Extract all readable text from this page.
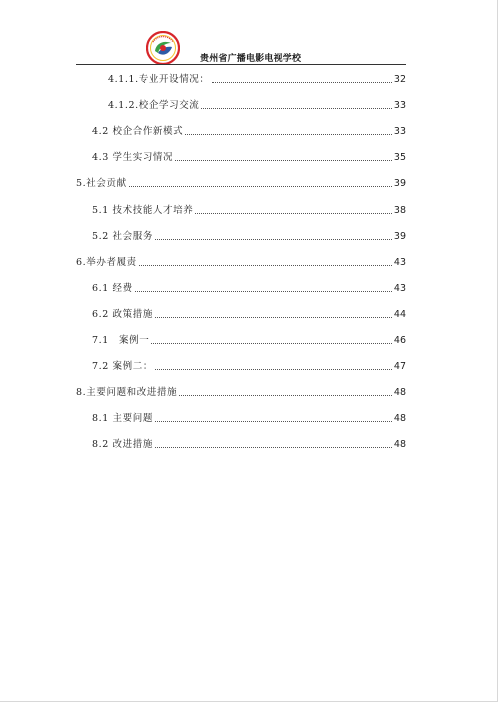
贵州省广播电影电视学校
4.1.1.专业开设情况：	32
4.1.2.校企学习交流	33
4.2 校企合作新模式	33
4.3 学生实习情况	35
5.社会贡献	39
5.1 技术技能人才培养	38
5.2 社会服务	39
6.举办者履责	43
6.1 经费	43
6.2 政策措施	44
7.1　案例一	46
7.2 案例二：	47
8.主要问题和改进措施	48
8.1 主要问题	48
8.2 改进措施	48
